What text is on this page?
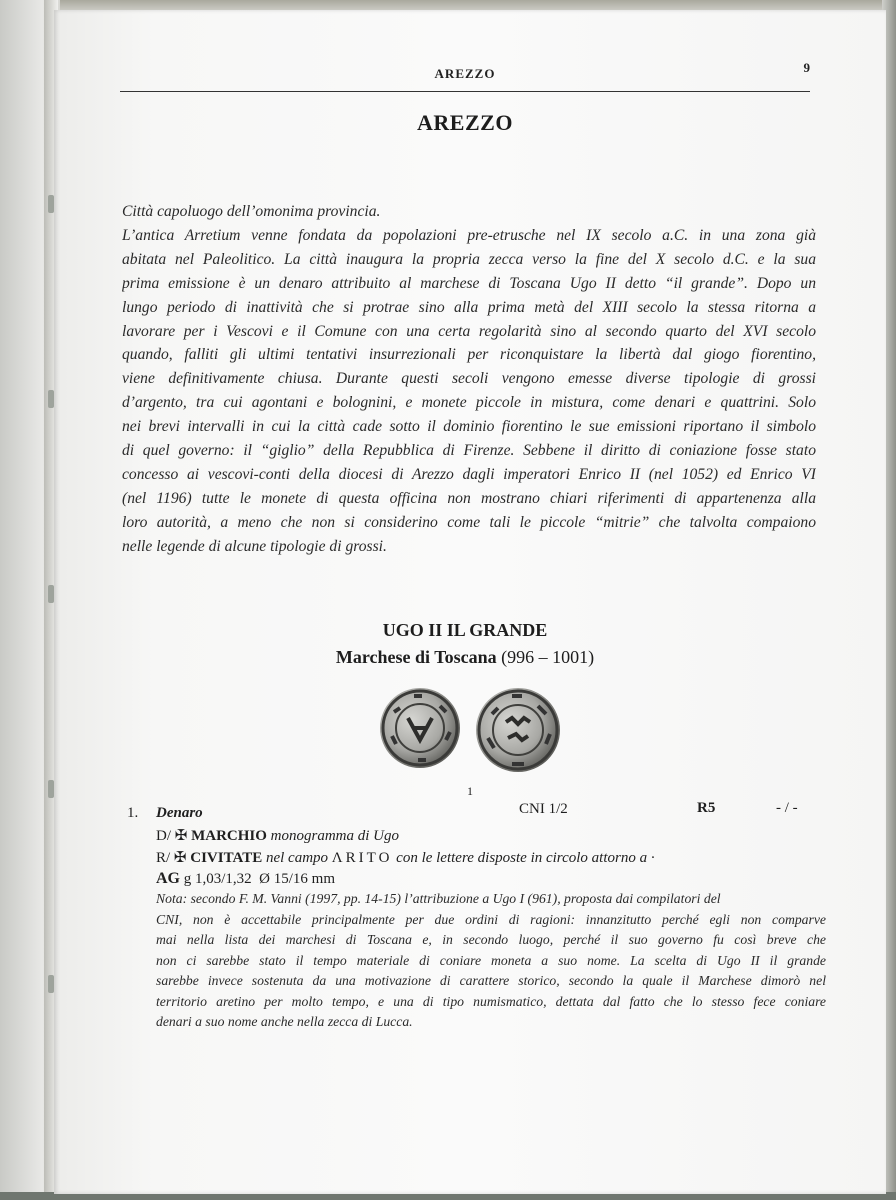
AREZZO	9
AREZZO
Città capoluogo dell’omonima provincia.
L’antica Arretium venne fondata da popolazioni pre-etrusche nel IX secolo a.C. in una zona già
abitata nel Paleolitico. La città inaugura la propria zecca verso la fine del X secolo d.C. e la sua
prima emissione è un denaro attribuito al marchese di Toscana Ugo II detto “il grande”. Dopo un
lungo periodo di inattività che si protrae sino alla prima metà del XIII secolo la stessa ritorna a
lavorare per i Vescovi e il Comune con una certa regolarità sino al secondo quarto del XVI secolo
quando, falliti gli ultimi tentativi insurrezionali per riconquistare la libertà dal giogo fiorentino,
viene definitivamente chiusa. Durante questi secoli vengono emesse diverse tipologie di grossi
d’argento, tra cui agontani e bolognini, e monete piccole in mistura, come denari e quattrini. Solo
nei brevi intervalli in cui la città cade sotto il dominio fiorentino le sue emissioni riportano il simbolo
di quel governo: il “giglio” della Repubblica di Firenze. Sebbene il diritto di coniazione fosse stato
concesso ai vescovi-conti della diocesi di Arezzo dagli imperatori Enrico II (nel 1052) ed Enrico VI
(nel 1196) tutte le monete di questa officina non mostrano chiari riferimenti di appartenenza alla
loro autorità, a meno che non si considerino come tali le piccole “mitrie” che talvolta compaiono
nelle legende di alcune tipologie di grossi.
UGO II IL GRANDE
Marchese di Toscana (996 – 1001)
1
1. Denaro	CNI 1/2	R5	- / -
D/ ✠ MARCHIO monogramma di Ugo
R/ ✠ CIVITATE nel campo ΛRITO con le lettere disposte in circolo attorno a ·
AG g 1,03/1,32  Ø 15/16 mm
Nota: secondo F. M. Vanni (1997, pp. 14-15) l’attribuzione a Ugo I (961), proposta dai compilatori del
CNI, non è accettabile principalmente per due ordini di ragioni: innanzitutto perché egli non comparve
mai nella lista dei marchesi di Toscana e, in secondo luogo, perché il suo governo fu così breve che
non ci sarebbe stato il tempo materiale di coniare moneta a suo nome. La scelta di Ugo II il grande
sarebbe invece sostenuta da una motivazione di carattere storico, secondo la quale il Marchese dimorò nel
territorio aretino per molto tempo, e una di tipo numismatico, dettata dal fatto che lo stesso fece coniare
denari a suo nome anche nella zecca di Lucca.
